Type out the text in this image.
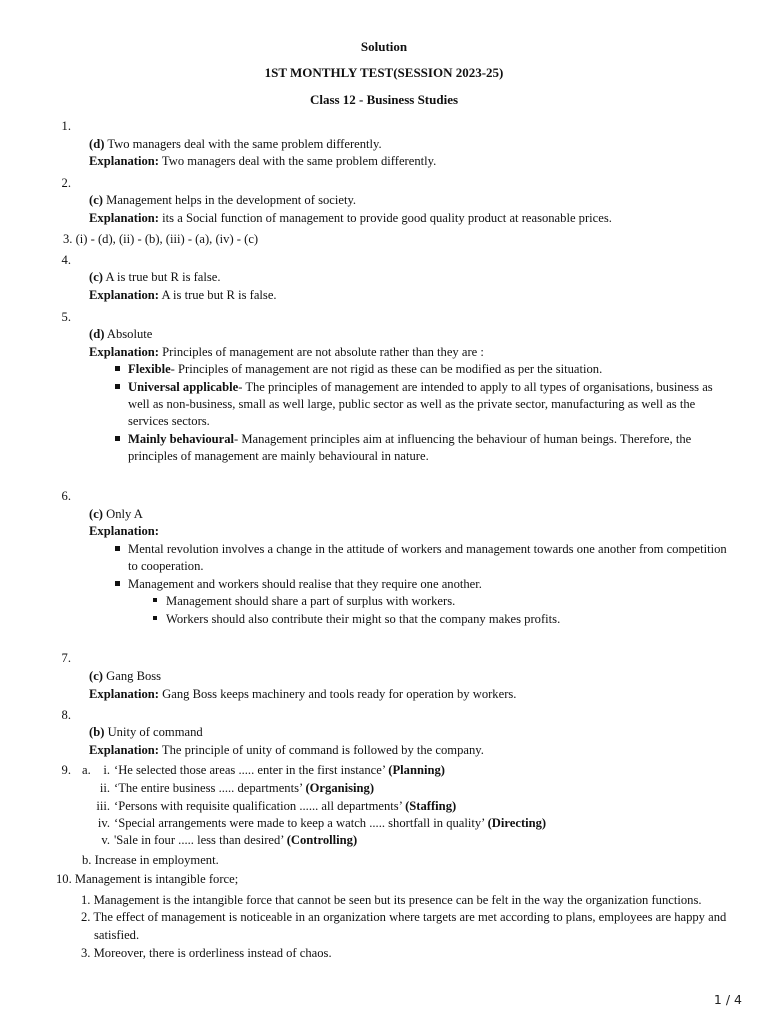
Solution
1ST MONTHLY TEST(SESSION 2023-25)
Class 12 - Business Studies
1.
(d) Two managers deal with the same problem differently.
Explanation: Two managers deal with the same problem differently.
2.
(c) Management helps in the development of society.
Explanation: its a Social function of management to provide good quality product at reasonable prices.
3. (i) - (d), (ii) - (b), (iii) - (a), (iv) - (c)
4.
(c) A is true but R is false.
Explanation: A is true but R is false.
5.
(d) Absolute
Explanation: Principles of management are not absolute rather than they are :
Flexible- Principles of management are not rigid as these can be modified as per the situation.
Universal applicable- The principles of management are intended to apply to all types of organisations, business as
well as non-business, small as well large, public sector as well as the private sector, manufacturing as well as the
services sectors.
Mainly behavioural- Management principles aim at influencing the behaviour of human beings. Therefore, the
principles of management are mainly behavioural in nature.
6.
(c) Only A
Explanation:
Mental revolution involves a change in the attitude of workers and management towards one another from competition
to cooperation.
Management and workers should realise that they require one another.
Management should share a part of surplus with workers.
Workers should also contribute their might so that the company makes profits.
7.
(c) Gang Boss
Explanation: Gang Boss keeps machinery and tools ready for operation by workers.
8.
(b) Unity of command
Explanation: The principle of unity of command is followed by the company.
9. a. i. ‘He selected those areas ..... enter in the first instance’ (Planning)
ii. ‘The entire business ..... departments’ (Organising)
iii. ‘Persons with requisite qualification ...... all departments’ (Staffing)
iv. ‘Special arrangements were made to keep a watch ..... shortfall in quality’ (Directing)
v. 'Sale in four ..... less than desired’ (Controlling)
b. Increase in employment.
10. Management is intangible force;
1. Management is the intangible force that cannot be seen but its presence can be felt in the way the organization functions.
2. The effect of management is noticeable in an organization where targets are met according to plans, employees are happy and
satisfied.
3. Moreover, there is orderliness instead of chaos.
1 / 4
